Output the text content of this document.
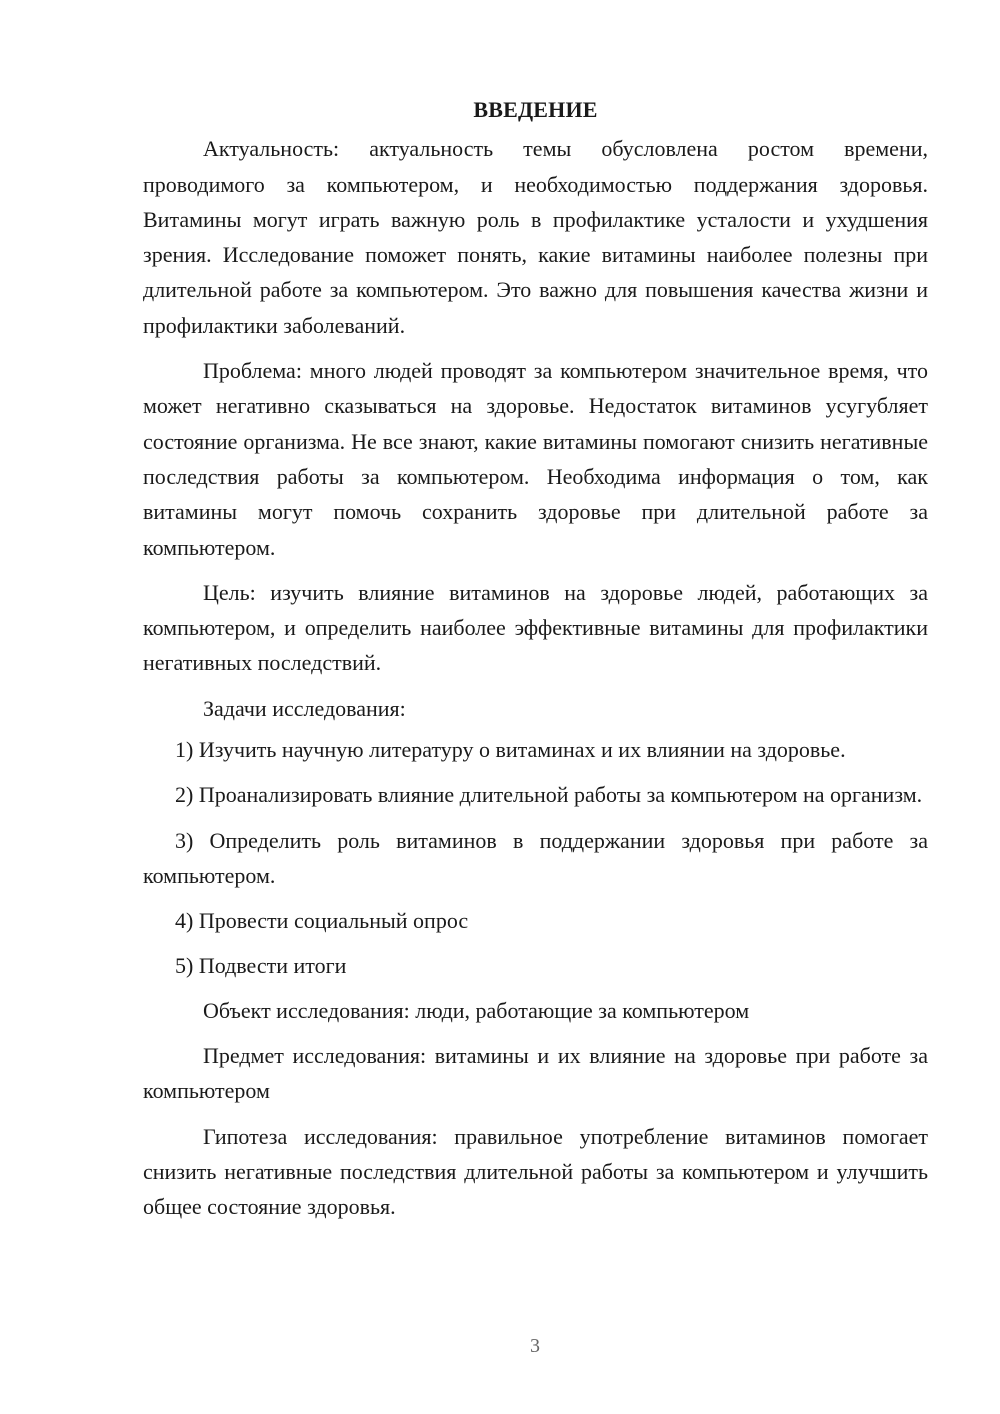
ВВЕДЕНИЕ

Актуальность: актуальность темы обусловлена ростом времени, проводимого за компьютером, и необходимостью поддержания здоровья. Витамины могут играть важную роль в профилактике усталости и ухудшения зрения. Исследование поможет понять, какие витамины наиболее полезны при длительной работе за компьютером. Это важно для повышения качества жизни и профилактики заболеваний.

Проблема: много людей проводят за компьютером значительное время, что может негативно сказываться на здоровье. Недостаток витаминов усугубляет состояние организма. Не все знают, какие витамины помогают снизить негативные последствия работы за компьютером. Необходима информация о том, как витамины могут помочь сохранить здоровье при длительной работе за компьютером.

Цель: изучить влияние витаминов на здоровье людей, работающих за компьютером, и определить наиболее эффективные витамины для профилактики негативных последствий.

Задачи исследования:

1) Изучить научную литературу о витаминах и их влиянии на здоровье.

2) Проанализировать влияние длительной работы за компьютером на организм.

3) Определить роль витаминов в поддержании здоровья при работе за компьютером.

4) Провести социальный опрос

5) Подвести итоги

Объект исследования: люди, работающие за компьютером

Предмет исследования: витамины и их влияние на здоровье при работе за компьютером

Гипотеза исследования: правильное употребление витаминов помогает снизить негативные последствия длительной работы за компьютером и улучшить общее состояние здоровья.

3
